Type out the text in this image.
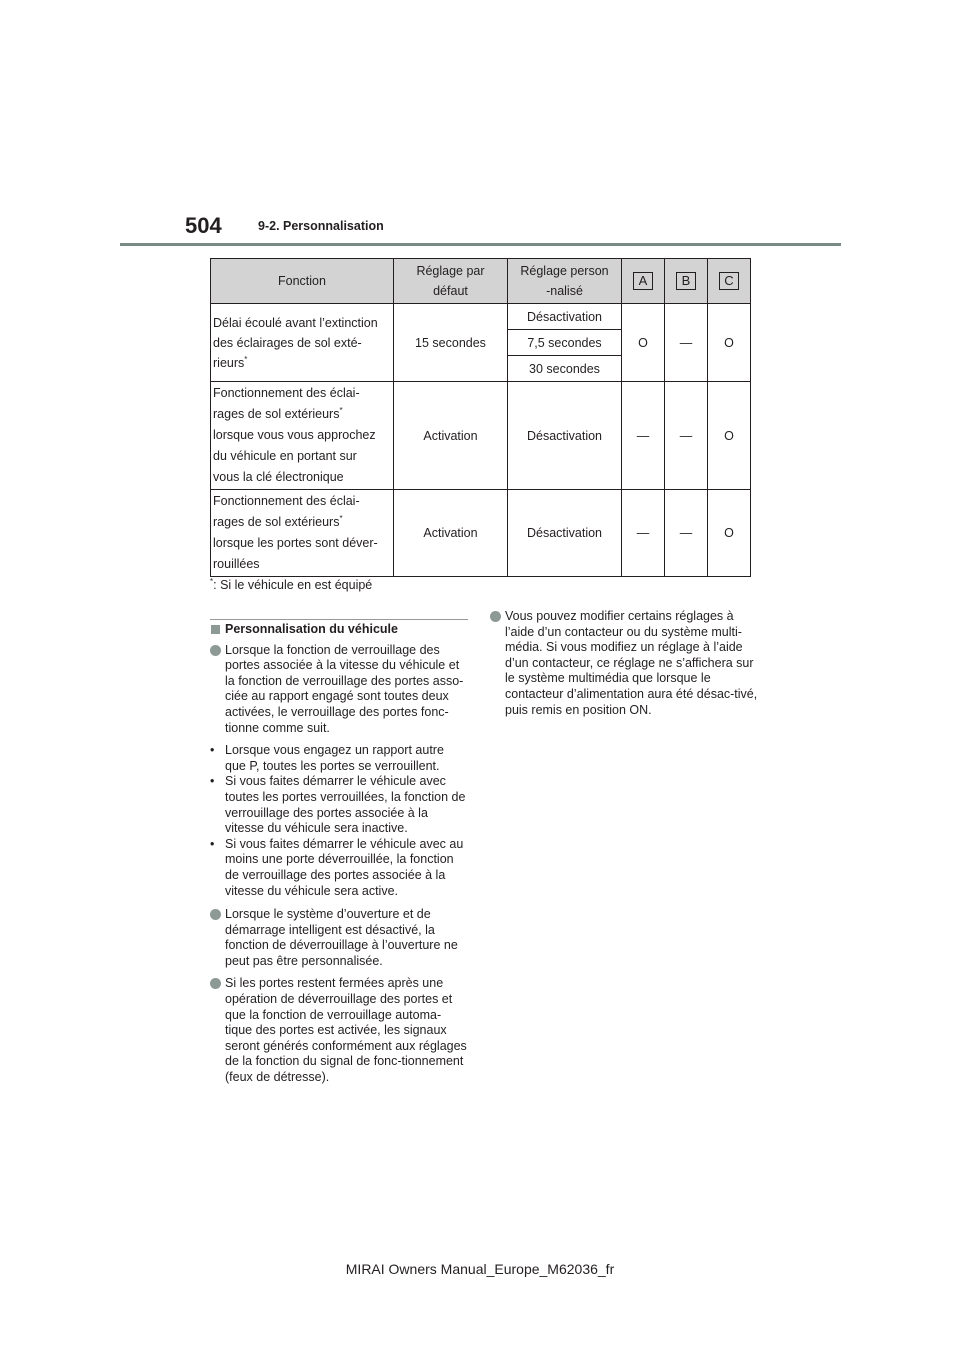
504	9-2. Personnalisation
Fonction	Réglage par défaut	Réglage person-nalisé	A	B	C

Délai écoulé avant l’extinction
des éclairages de sol exté-
rieurs*	15 secondes	Désactivation	O	—	O
		7,5 secondes			
		30 secondes			

Fonctionnement des éclai-
rages de sol extérieurs*
lorsque vous vous approchez
du véhicule en portant sur
vous la clé électronique	Activation	Désactivation	—	—	O

Fonctionnement des éclai-
rages de sol extérieurs*
lorsque les portes sont déver-
rouillées	Activation	Désactivation	—	—	O
*: Si le véhicule en est équipé

Personnalisation du véhicule

Lorsque la fonction de verrouillage des portes associée à la vitesse du véhicule et la fonction de verrouillage des portes asso-ciée au rapport engagé sont toutes deux activées, le verrouillage des portes fonc-tionne comme suit.

• Lorsque vous engagez un rapport autre que P, toutes les portes se verrouillent.

• Si vous faites démarrer le véhicule avec toutes les portes verrouillées, la fonction de verrouillage des portes associée à la vitesse du véhicule sera inactive.

• Si vous faites démarrer le véhicule avec au moins une porte déverrouillée, la fonction de verrouillage des portes associée à la vitesse du véhicule sera active.

Lorsque le système d’ouverture et de démarrage intelligent est désactivé, la fonction de déverrouillage à l’ouverture ne peut pas être personnalisée.

Si les portes restent fermées après une opération de déverrouillage des portes et que la fonction de verrouillage automa-tique des portes est activée, les signaux seront générés conformément aux réglages de la fonction du signal de fonc-tionnement (feux de détresse).

Vous pouvez modifier certains réglages à l’aide d’un contacteur ou du système multi-média. Si vous modifiez un réglage à l’aide d’un contacteur, ce réglage ne s’affichera sur le système multimédia que lorsque le contacteur d’alimentation aura été désac-tivé, puis remis en position ON.

MIRAI Owners Manual_Europe_M62036_fr
